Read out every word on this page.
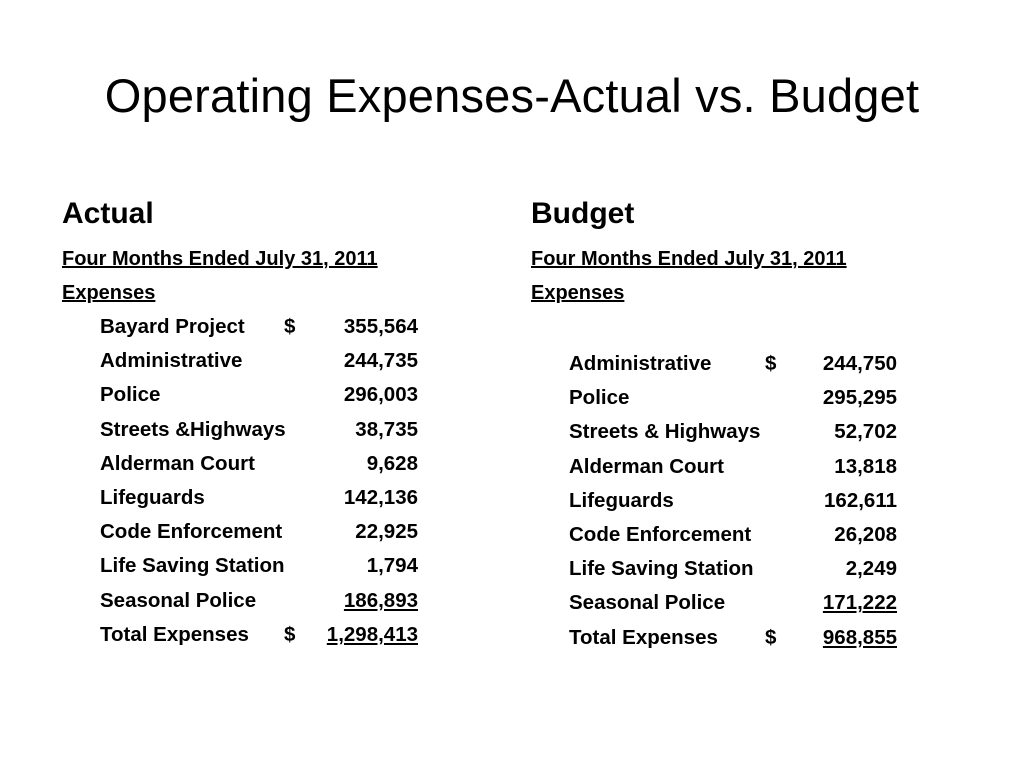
Operating Expenses-Actual vs. Budget
Actual
Four Months Ended July 31, 2011
Expenses
Bayard Project	$	355,564
Administrative	244,735
Police	296,003
Streets &Highways	38,735
Alderman Court	9,628
Lifeguards	142,136
Code Enforcement	22,925
Life Saving Station	1,794
Seasonal Police	186,893
Total Expenses	$	1,298,413
Budget
Four Months Ended July 31, 2011
Expenses
Administrative	$	244,750
Police	295,295
Streets & Highways	52,702
Alderman Court	13,818
Lifeguards	162,611
Code Enforcement	26,208
Life Saving Station	2,249
Seasonal Police	171,222
Total Expenses	$	968,855
